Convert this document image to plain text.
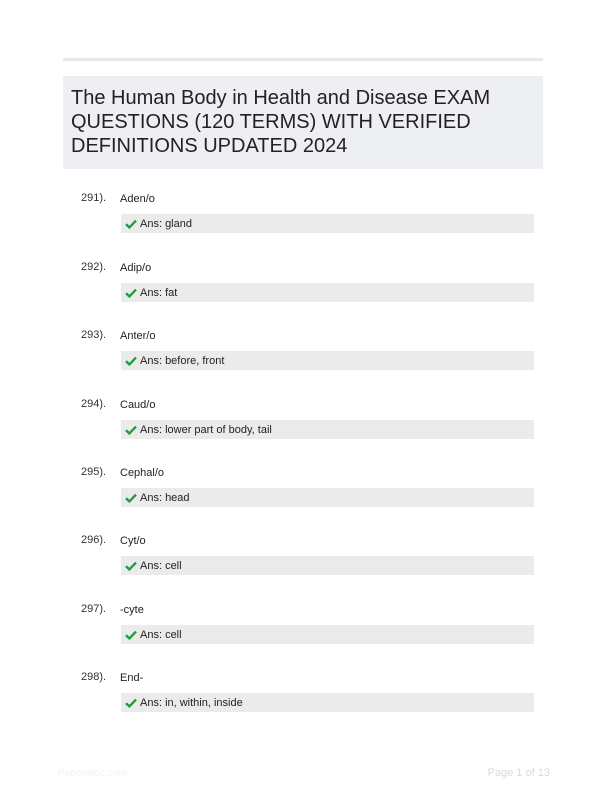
The Human Body in Health and Disease EXAM QUESTIONS (120 TERMS) WITH VERIFIED DEFINITIONS UPDATED 2024
291). Aden/o
Ans: gland
292). Adip/o
Ans: fat
293). Anter/o
Ans: before, front
294). Caud/o
Ans: lower part of body, tail
295). Cephal/o
Ans: head
296). Cyt/o
Ans: cell
297). -cyte
Ans: cell
298). End-
Ans: in, within, inside
Paperstitic.com	Page 1 of 13
